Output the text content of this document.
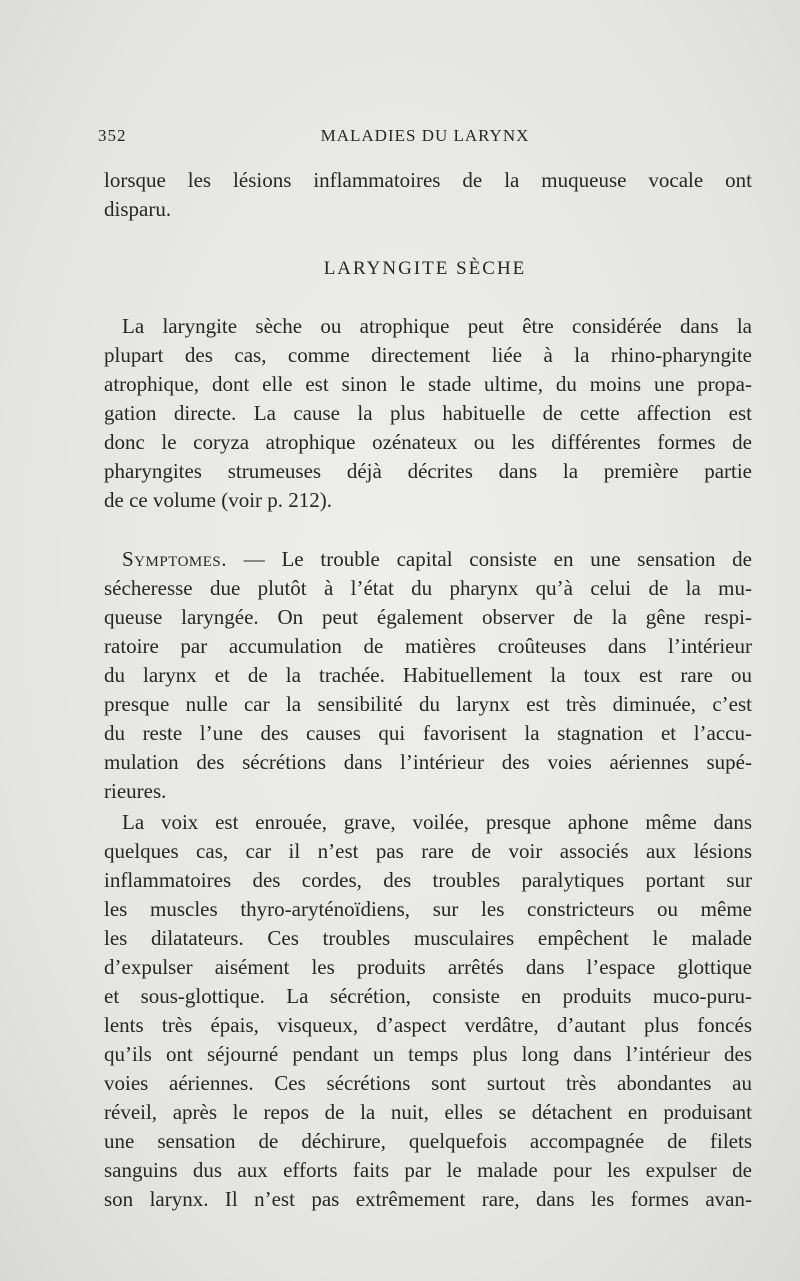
352	MALADIES DU LARYNX
lorsque les lésions inflammatoires de la muqueuse vocale ont
disparu.
LARYNGITE SÈCHE
La laryngite sèche ou atrophique peut être considérée dans la
plupart des cas, comme directement liée à la rhino-pharyngite
atrophique, dont elle est sinon le stade ultime, du moins une propa-
gation directe. La cause la plus habituelle de cette affection est
donc le coryza atrophique ozénateux ou les différentes formes de
pharyngites strumeuses déjà décrites dans la première partie
de ce volume (voir p. 212).
Symptomes. — Le trouble capital consiste en une sensation de
sécheresse due plutôt à l’état du pharynx qu’à celui de la mu-
queuse laryngée. On peut également observer de la gêne respi-
ratoire par accumulation de matières croûteuses dans l’intérieur
du larynx et de la trachée. Habituellement la toux est rare ou
presque nulle car la sensibilité du larynx est très diminuée, c’est
du reste l’une des causes qui favorisent la stagnation et l’accu-
mulation des sécrétions dans l’intérieur des voies aériennes supé-
rieures.
La voix est enrouée, grave, voilée, presque aphone même dans
quelques cas, car il n’est pas rare de voir associés aux lésions
inflammatoires des cordes, des troubles paralytiques portant sur
les muscles thyro-aryténoïdiens, sur les constricteurs ou même
les dilatateurs. Ces troubles musculaires empêchent le malade
d’expulser aisément les produits arrêtés dans l’espace glottique
et sous-glottique. La sécrétion, consiste en produits muco-puru-
lents très épais, visqueux, d’aspect verdâtre, d’autant plus foncés
qu’ils ont séjourné pendant un temps plus long dans l’intérieur des
voies aériennes. Ces sécrétions sont surtout très abondantes au
réveil, après le repos de la nuit, elles se détachent en produisant
une sensation de déchirure, quelquefois accompagnée de filets
sanguins dus aux efforts faits par le malade pour les expulser de
son larynx. Il n’est pas extrêmement rare, dans les formes avan-
